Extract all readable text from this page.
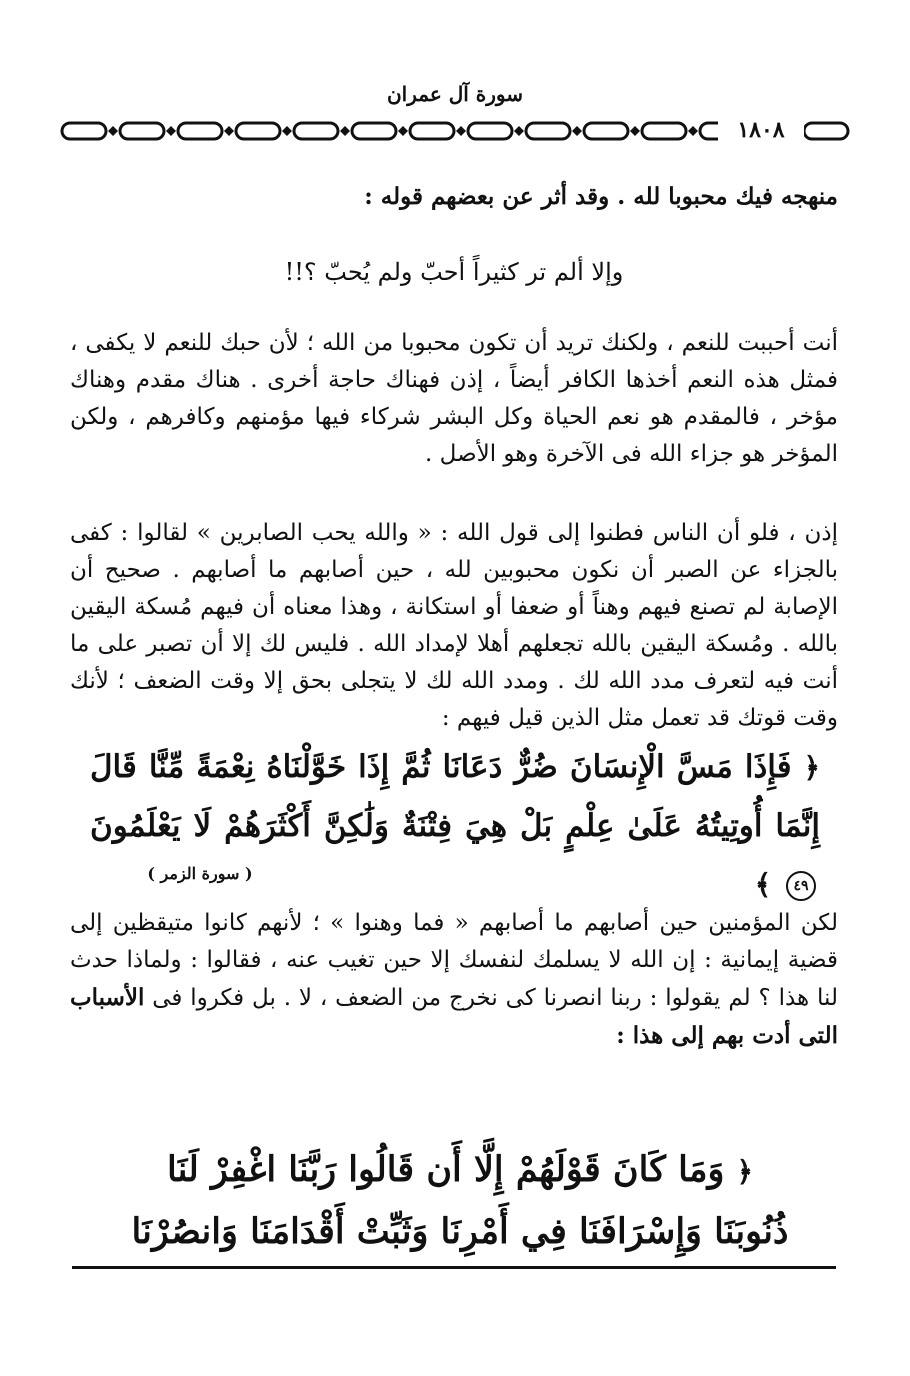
سورة آل عمران
١٨٠٨
منهجه فيك محبوبا لله . وقد أثر عن بعضهم قوله :
وإلا ألم تر كثيراً أحبّ ولم يُحبّ ؟!!
أنت أحببت للنعم ، ولكنك تريد أن تكون محبوبا من الله ؛ لأن حبك للنعم لا يكفى ، فمثل هذه النعم أخذها الكافر أيضاً ، إذن فهناك حاجة أخرى . هناك مقدم وهناك مؤخر ، فالمقدم هو نعم الحياة وكل البشر شركاء فيها مؤمنهم وكافرهم ، ولكن المؤخر هو جزاء الله فى الآخرة وهو الأصل .
إذن ، فلو أن الناس فطنوا إلى قول الله : « والله يحب الصابرين » لقالوا : كفى بالجزاء عن الصبر أن نكون محبوبين لله ، حين أصابهم ما أصابهم . صحيح أن الإصابة لم تصنع فيهم وهناً أو ضعفا أو استكانة ، وهذا معناه أن فيهم مُسكة اليقين بالله . ومُسكة اليقين بالله تجعلهم أهلا لإمداد الله . فليس لك إلا أن تصبر على ما أنت فيه لتعرف مدد الله لك . ومدد الله لك لا يتجلى بحق إلا وقت الضعف ؛ لأنك وقت قوتك قد تعمل مثل الذين قيل فيهم :
﴿ فَإِذَا مَسَّ الْإِنسَانَ ضُرٌّ دَعَانَا ثُمَّ إِذَا خَوَّلْنَاهُ نِعْمَةً مِّنَّا قَالَ إِنَّمَا أُوتِيتُهُ عَلَىٰ عِلْمٍ بَلْ هِيَ فِتْنَةٌ وَلَٰكِنَّ أَكْثَرَهُمْ لَا يَعْلَمُونَ ٤٩ ﴾
( سورة الزمر )
لكن المؤمنين حين أصابهم ما أصابهم « فما وهنوا » ؛ لأنهم كانوا متيقظين إلى قضية إيمانية : إن الله لا يسلمك لنفسك إلا حين تغيب عنه ، فقالوا : ولماذا حدث لنا هذا ؟ لم يقولوا : ربنا انصرنا كى نخرج من الضعف ، لا . بل فكروا فى الأسباب التى أدت بهم إلى هذا :
﴿ وَمَا كَانَ قَوْلَهُمْ إِلَّا أَن قَالُوا رَبَّنَا اغْفِرْ لَنَا
ذُنُوبَنَا وَإِسْرَافَنَا فِي أَمْرِنَا وَثَبِّتْ أَقْدَامَنَا وَانصُرْنَا
